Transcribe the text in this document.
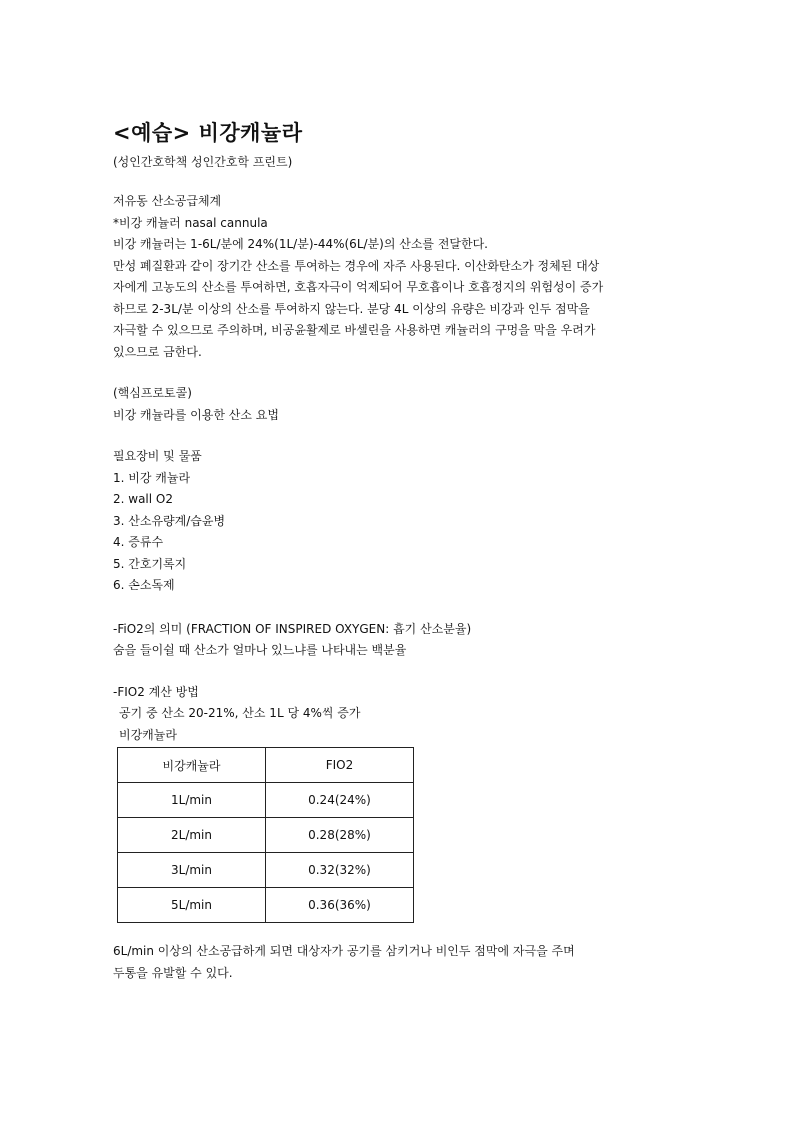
<예습> 비강캐뉼라
(성인간호학책 성인간호학 프린트)
저유동 산소공급체계
*비강 캐뉼러 nasal cannula
비강 캐뉼러는 1-6L/분에 24%(1L/분)-44%(6L/분)의 산소를 전달한다.
만성 폐질환과 같이 장기간 산소를 투여하는 경우에 자주 사용된다. 이산화탄소가 정체된 대상
자에게 고농도의 산소를 투여하면, 호흡자극이 억제되어 무호흡이나 호흡정지의 위험성이 증가
하므로 2-3L/분 이상의 산소를 투여하지 않는다. 분당 4L 이상의 유량은 비강과 인두 점막을
자극할 수 있으므로 주의하며, 비공윤활제로 바셀린을 사용하면 캐뉼러의 구멍을 막을 우려가
있으므로 금한다.
(핵심프로토콜)
비강 캐뉼라를 이용한 산소 요법
필요장비 및 물품
1. 비강 캐뉼라
2. wall O2
3. 산소유량계/습윤병
4. 증류수
5. 간호기록지
6. 손소독제
-FiO2의 의미 (FRACTION OF INSPIRED OXYGEN: 흡기 산소분율)
숨을 들이쉴 때 산소가 얼마나 있느냐를 나타내는 백분율
-FIO2 계산 방법
공기 중 산소 20-21%, 산소 1L 당 4%씩 증가
비강캐뉼라
비강캐뉼라	FIO2
1L/min	0.24(24%)
2L/min	0.28(28%)
3L/min	0.32(32%)
5L/min	0.36(36%)
6L/min 이상의 산소공급하게 되면 대상자가 공기를 삼키거나 비인두 점막에 자극을 주며
두통을 유발할 수 있다.
